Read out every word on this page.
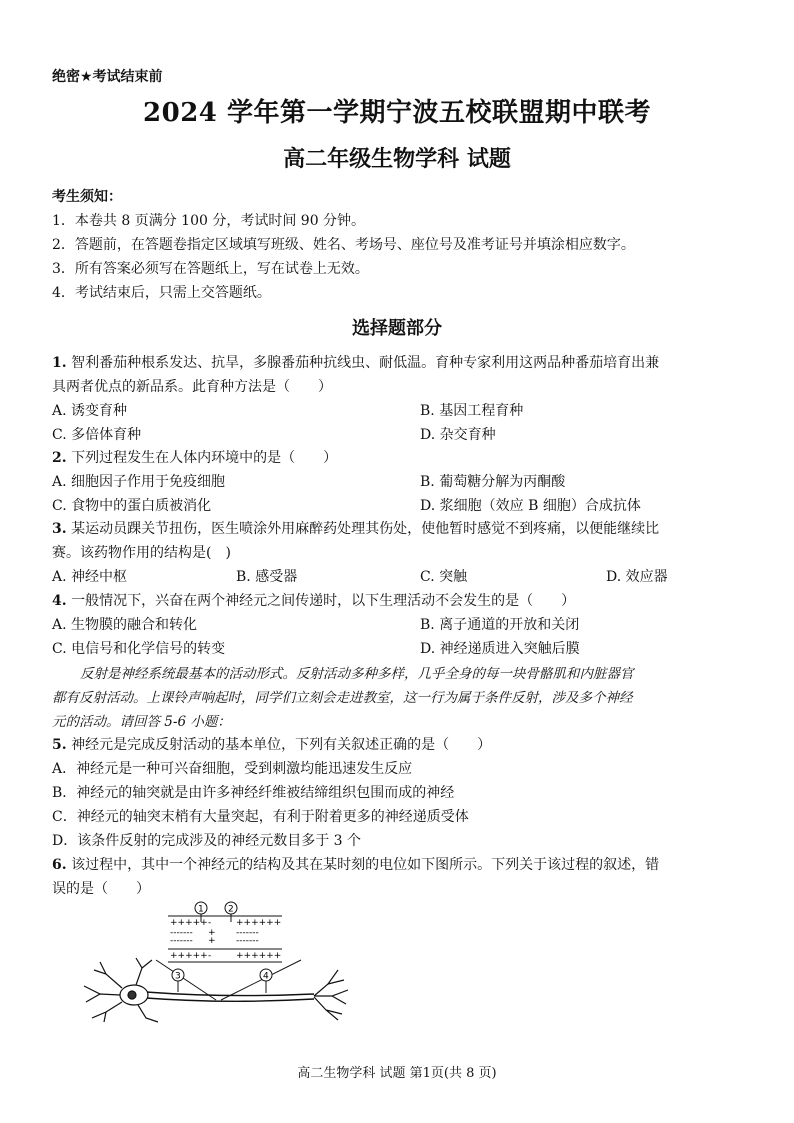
绝密★考试结束前
2024 学年第一学期宁波五校联盟期中联考
高二年级生物学科 试题
考生须知：
1．本卷共 8 页满分 100 分，考试时间 90 分钟。
2．答题前，在答题卷指定区域填写班级、姓名、考场号、座位号及准考证号并填涂相应数字。
3．所有答案必须写在答题纸上，写在试卷上无效。
4．考试结束后，只需上交答题纸。
选择题部分
1. 智利番茄种根系发达、抗旱，多腺番茄种抗线虫、耐低温。育种专家利用这两品种番茄培育出兼
具两者优点的新品系。此育种方法是（　　）
A. 诱变育种	B. 基因工程育种
C. 多倍体育种	D. 杂交育种
2. 下列过程发生在人体内环境中的是（　　）
A. 细胞因子作用于免疫细胞	B. 葡萄糖分解为丙酮酸
C. 食物中的蛋白质被消化	D. 浆细胞（效应 B 细胞）合成抗体
3. 某运动员踝关节扭伤，医生喷涂外用麻醉药处理其伤处，使他暂时感觉不到疼痛，以便能继续比
赛。该药物作用的结构是(　)
A. 神经中枢	B. 感受器	C. 突触	D. 效应器
4. 一般情况下，兴奋在两个神经元之间传递时，以下生理活动不会发生的是（　　）
A. 生物膜的融合和转化	B. 离子通道的开放和关闭
C. 电信号和化学信号的转变	D. 神经递质进入突触后膜
反射是神经系统最基本的活动形式。反射活动多种多样，几乎全身的每一块骨骼肌和内脏器官
都有反射活动。上课铃声响起时，同学们立刻会走进教室，这一行为属于条件反射，涉及多个神经
元的活动。请回答 5-6 小题：
5. 神经元是完成反射活动的基本单位，下列有关叙述正确的是（　　）
A．神经元是一种可兴奋细胞，受到刺激均能迅速发生反应
B．神经元的轴突就是由许多神经纤维被结缔组织包围而成的神经
C．神经元的轴突末梢有大量突起，有利于附着更多的神经递质受体
D．该条件反射的完成涉及的神经元数目多于 3 个
6. 该过程中，其中一个神经元的结构及其在某时刻的电位如下图所示。下列关于该过程的叙述，错
误的是（　　）
+++++ -	++++++
------- + -------
------- + -------
+++++ -	++++++
1	2
3	4
高二生物学科 试题 第1页(共 8 页)
